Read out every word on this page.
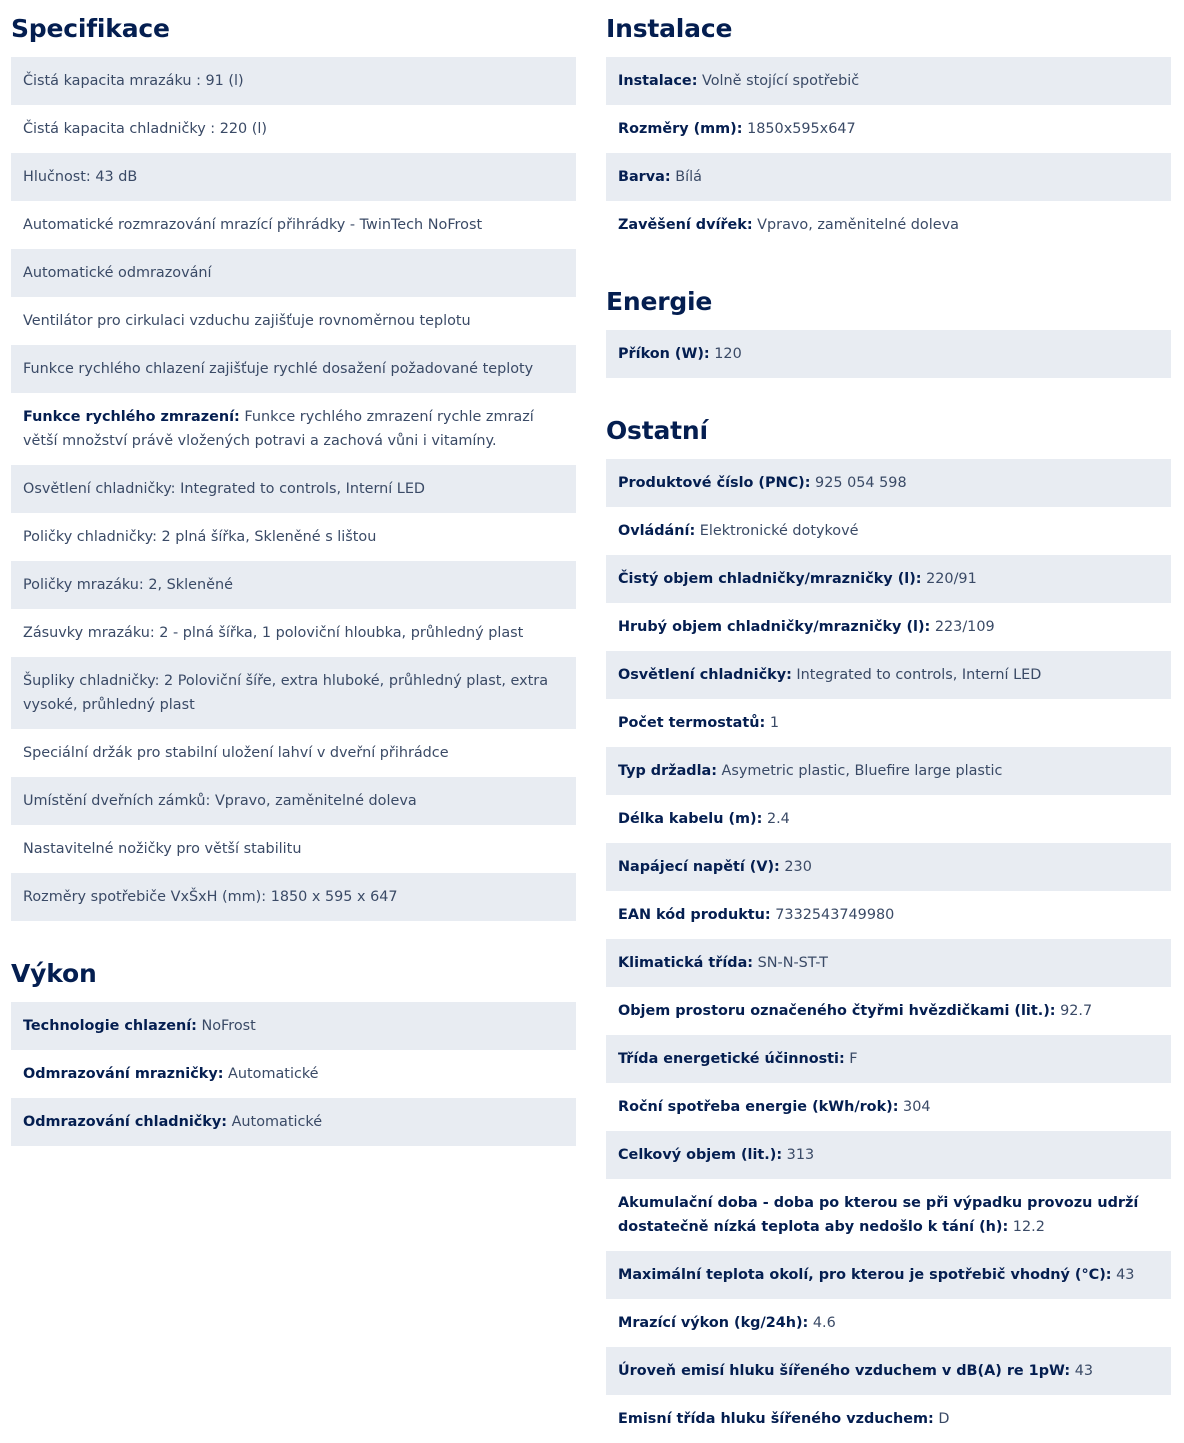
Specifikace
Čistá kapacita mrazáku : 91 (l)
Čistá kapacita chladničky : 220 (l)
Hlučnost: 43 dB
Automatické rozmrazování mrazící přihrádky - TwinTech NoFrost
Automatické odmrazování
Ventilátor pro cirkulaci vzduchu zajišťuje rovnoměrnou teplotu
Funkce rychlého chlazení zajišťuje rychlé dosažení požadované teploty
Funkce rychlého zmrazení: Funkce rychlého zmrazení rychle zmrazí větší množství právě vložených potravi a zachová vůni i vitamíny.
Osvětlení chladničky: Integrated to controls, Interní LED
Poličky chladničky: 2 plná šířka, Skleněné s lištou
Poličky mrazáku: 2, Skleněné
Zásuvky mrazáku: 2 - plná šířka, 1 poloviční hloubka, průhledný plast
Šupliky chladničky: 2 Poloviční šíře, extra hluboké, průhledný plast, extra vysoké, průhledný plast
Speciální držák pro stabilní uložení lahví v dveřní přihrádce
Umístění dveřních zámků: Vpravo, zaměnitelné doleva
Nastavitelné nožičky pro větší stabilitu
Rozměry spotřebiče VxŠxH (mm): 1850 x 595 x 647
Výkon
Technologie chlazení: NoFrost
Odmrazování mrazničky: Automatické
Odmrazování chladničky: Automatické
Instalace
Instalace: Volně stojící spotřebič
Rozměry (mm): 1850x595x647
Barva: Bílá
Zavěšení dvířek: Vpravo, zaměnitelné doleva
Energie
Příkon (W): 120
Ostatní
Produktové číslo (PNC): 925 054 598
Ovládání: Elektronické dotykové
Čistý objem chladničky/mrazničky (l): 220/91
Hrubý objem chladničky/mrazničky (l): 223/109
Osvětlení chladničky: Integrated to controls, Interní LED
Počet termostatů: 1
Typ držadla: Asymetric plastic, Bluefire large plastic
Délka kabelu (m): 2.4
Napájecí napětí (V): 230
EAN kód produktu: 7332543749980
Klimatická třída: SN-N-ST-T
Objem prostoru označeného čtyřmi hvězdičkami (lit.): 92.7
Třída energetické účinnosti: F
Roční spotřeba energie (kWh/rok): 304
Celkový objem (lit.): 313
Akumulační doba - doba po kterou se při výpadku provozu udrží dostatečně nízká teplota aby nedošlo k tání (h): 12.2
Maximální teplota okolí, pro kterou je spotřebič vhodný (°C): 43
Mrazící výkon (kg/24h): 4.6
Úroveň emisí hluku šířeného vzduchem v dB(A) re 1pW: 43
Emisní třída hluku šířeného vzduchem: D
